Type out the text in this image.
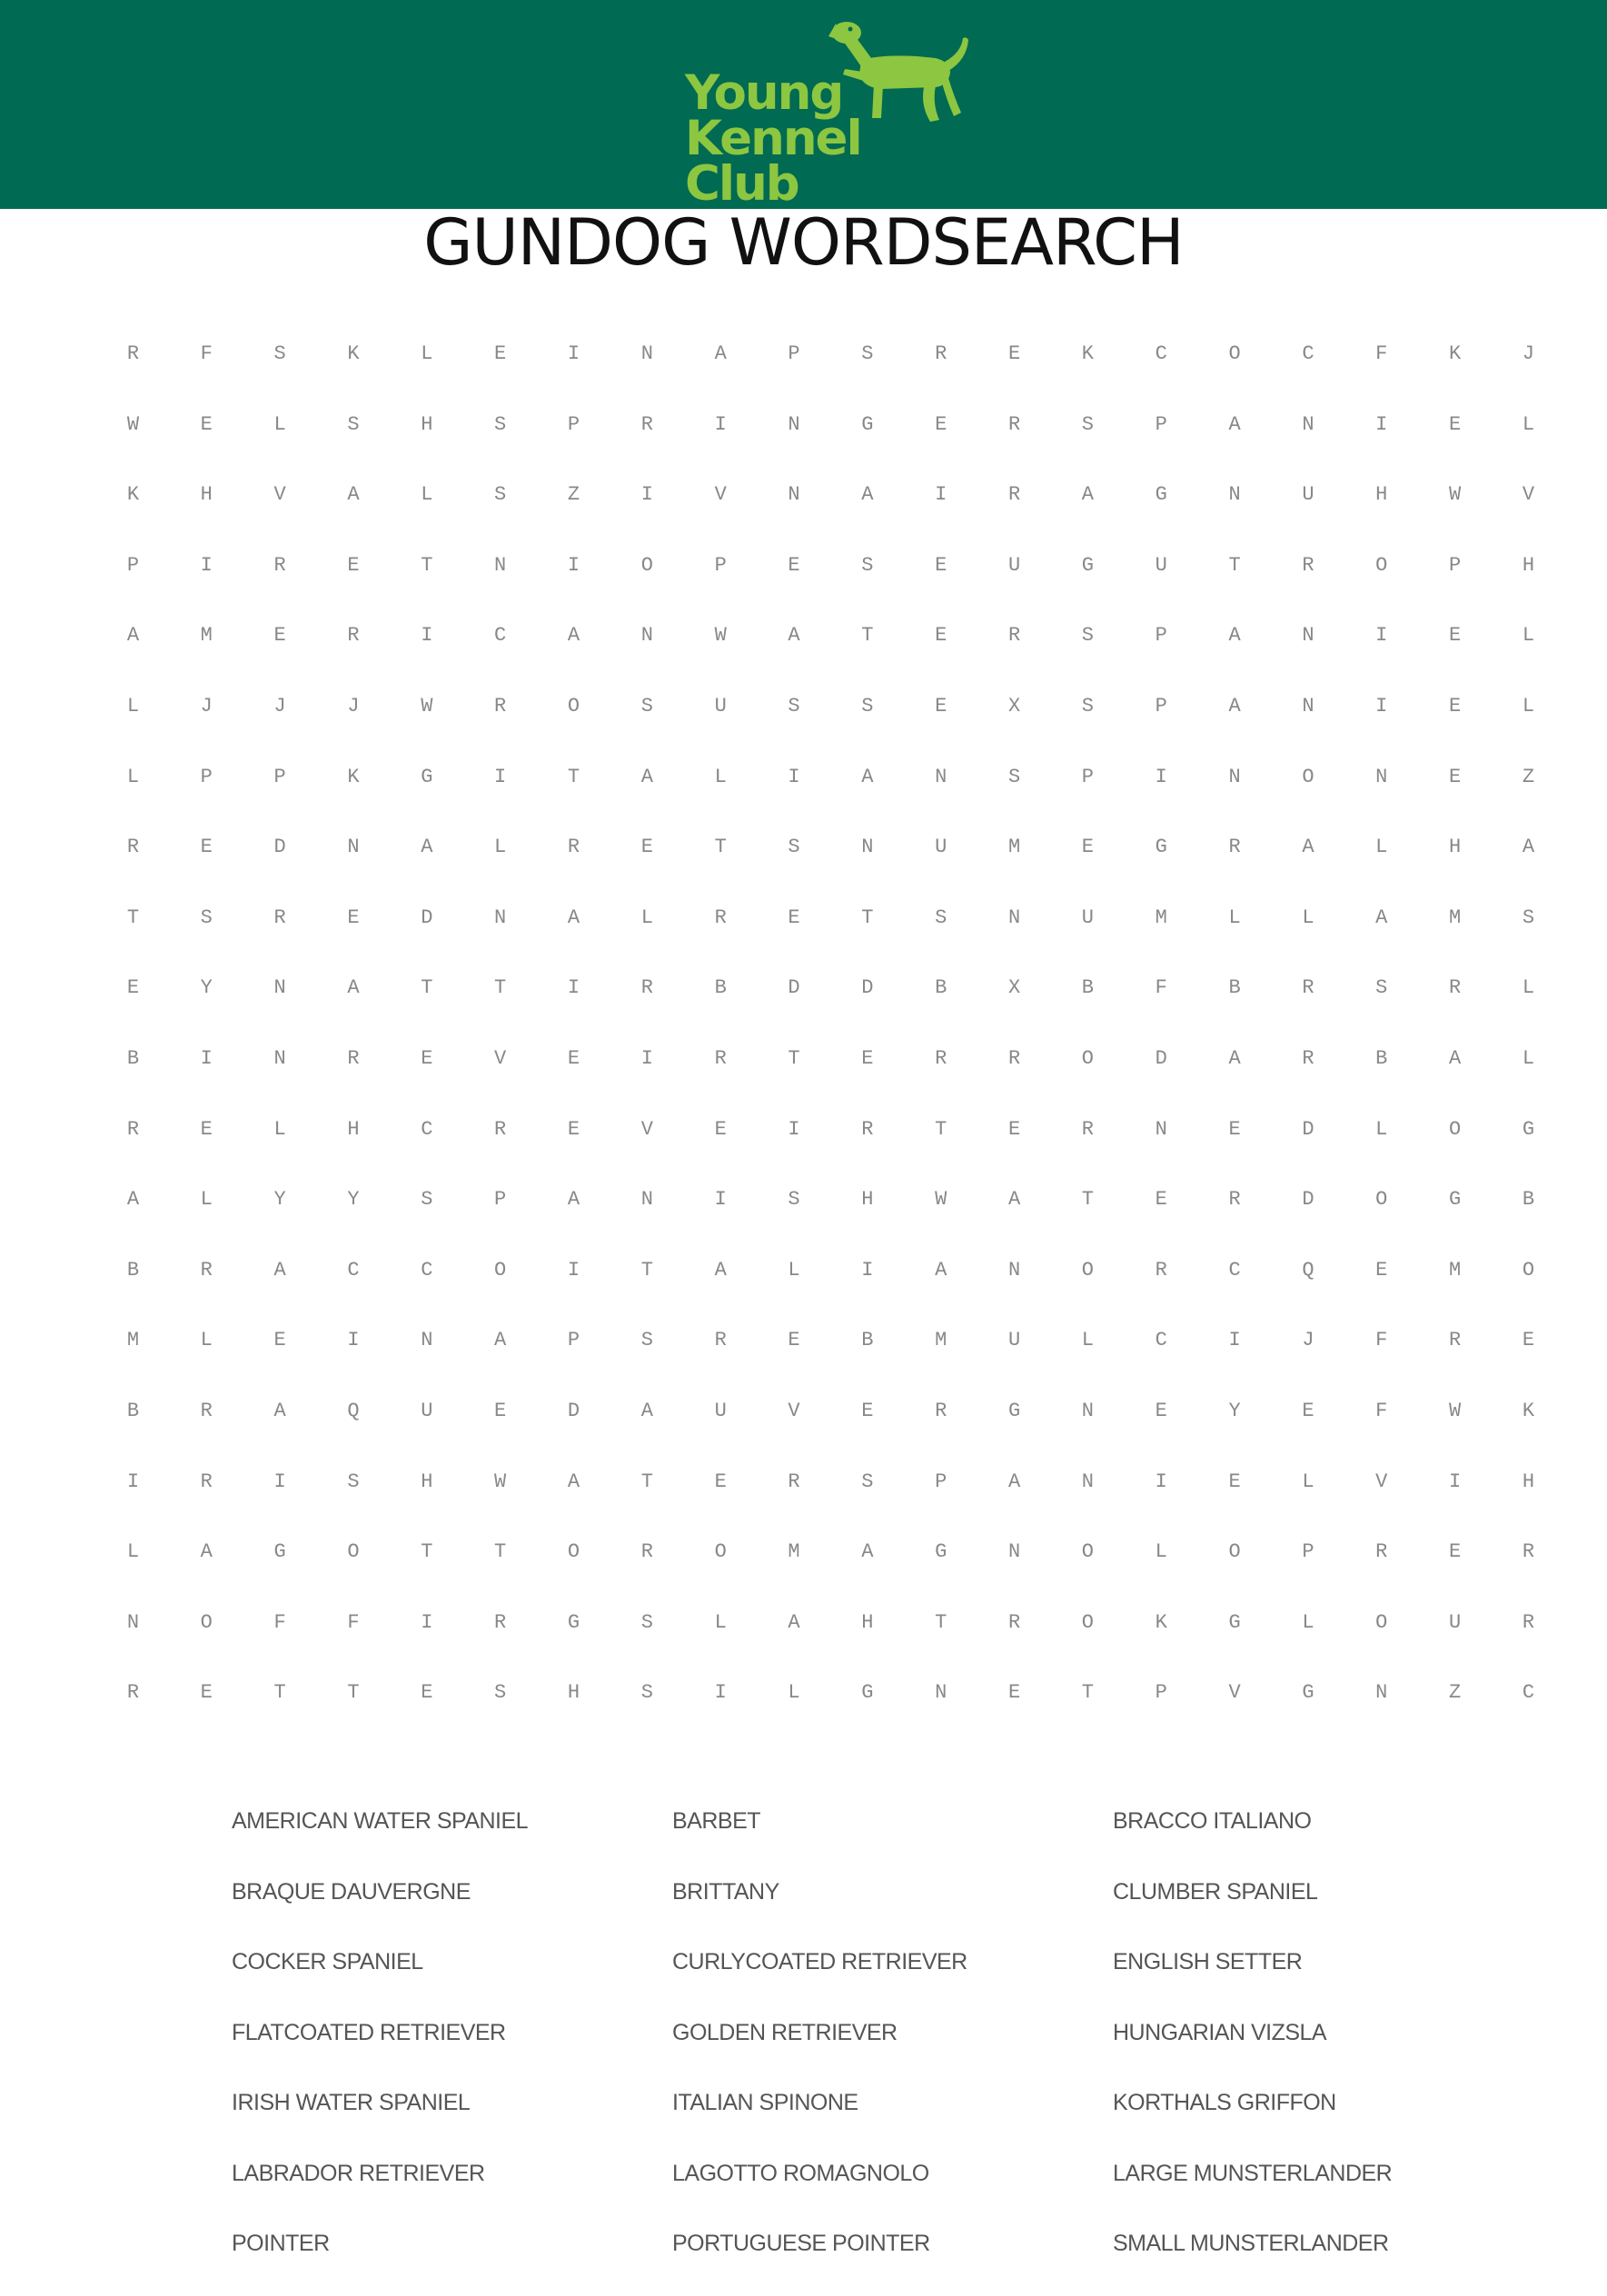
Young
Kennel Club
GUNDOG WORDSEARCH
R	F	S	K	L	E	I	N	A	P	S	R	E	K	C	O	C	F	K	J
W	E	L	S	H	S	P	R	I	N	G	E	R	S	P	A	N	I	E	L
K	H	V	A	L	S	Z	I	V	N	A	I	R	A	G	N	U	H	W	V
P	I	R	E	T	N	I	O	P	E	S	E	U	G	U	T	R	O	P	H
A	M	E	R	I	C	A	N	W	A	T	E	R	S	P	A	N	I	E	L
L	J	J	J	W	R	O	S	U	S	S	E	X	S	P	A	N	I	E	L
L	P	P	K	G	I	T	A	L	I	A	N	S	P	I	N	O	N	E	Z
R	E	D	N	A	L	R	E	T	S	N	U	M	E	G	R	A	L	H	A
T	S	R	E	D	N	A	L	R	E	T	S	N	U	M	L	L	A	M	S
E	Y	N	A	T	T	I	R	B	D	D	B	X	B	F	B	R	S	R	L
B	I	N	R	E	V	E	I	R	T	E	R	R	O	D	A	R	B	A	L
R	E	L	H	C	R	E	V	E	I	R	T	E	R	N	E	D	L	O	G
A	L	Y	Y	S	P	A	N	I	S	H	W	A	T	E	R	D	O	G	B
B	R	A	C	C	O	I	T	A	L	I	A	N	O	R	C	Q	E	M	O
M	L	E	I	N	A	P	S	R	E	B	M	U	L	C	I	J	F	R	E
B	R	A	Q	U	E	D	A	U	V	E	R	G	N	E	Y	E	F	W	K
I	R	I	S	H	W	A	T	E	R	S	P	A	N	I	E	L	V	I	H
L	A	G	O	T	T	O	R	O	M	A	G	N	O	L	O	P	R	E	R
N	O	F	F	I	R	G	S	L	A	H	T	R	O	K	G	L	O	U	R
R	E	T	T	E	S	H	S	I	L	G	N	E	T	P	V	G	N	Z	C
AMERICAN WATER SPANIEL	BARBET	BRACCO ITALIANO
BRAQUE DAUVERGNE	BRITTANY	CLUMBER SPANIEL
COCKER SPANIEL	CURLYCOATED RETRIEVER	ENGLISH SETTER
FLATCOATED RETRIEVER	GOLDEN RETRIEVER	HUNGARIAN VIZSLA
IRISH WATER SPANIEL	ITALIAN SPINONE	KORTHALS GRIFFON
LABRADOR RETRIEVER	LAGOTTO ROMAGNOLO	LARGE MUNSTERLANDER
POINTER	PORTUGUESE POINTER	SMALL MUNSTERLANDER
